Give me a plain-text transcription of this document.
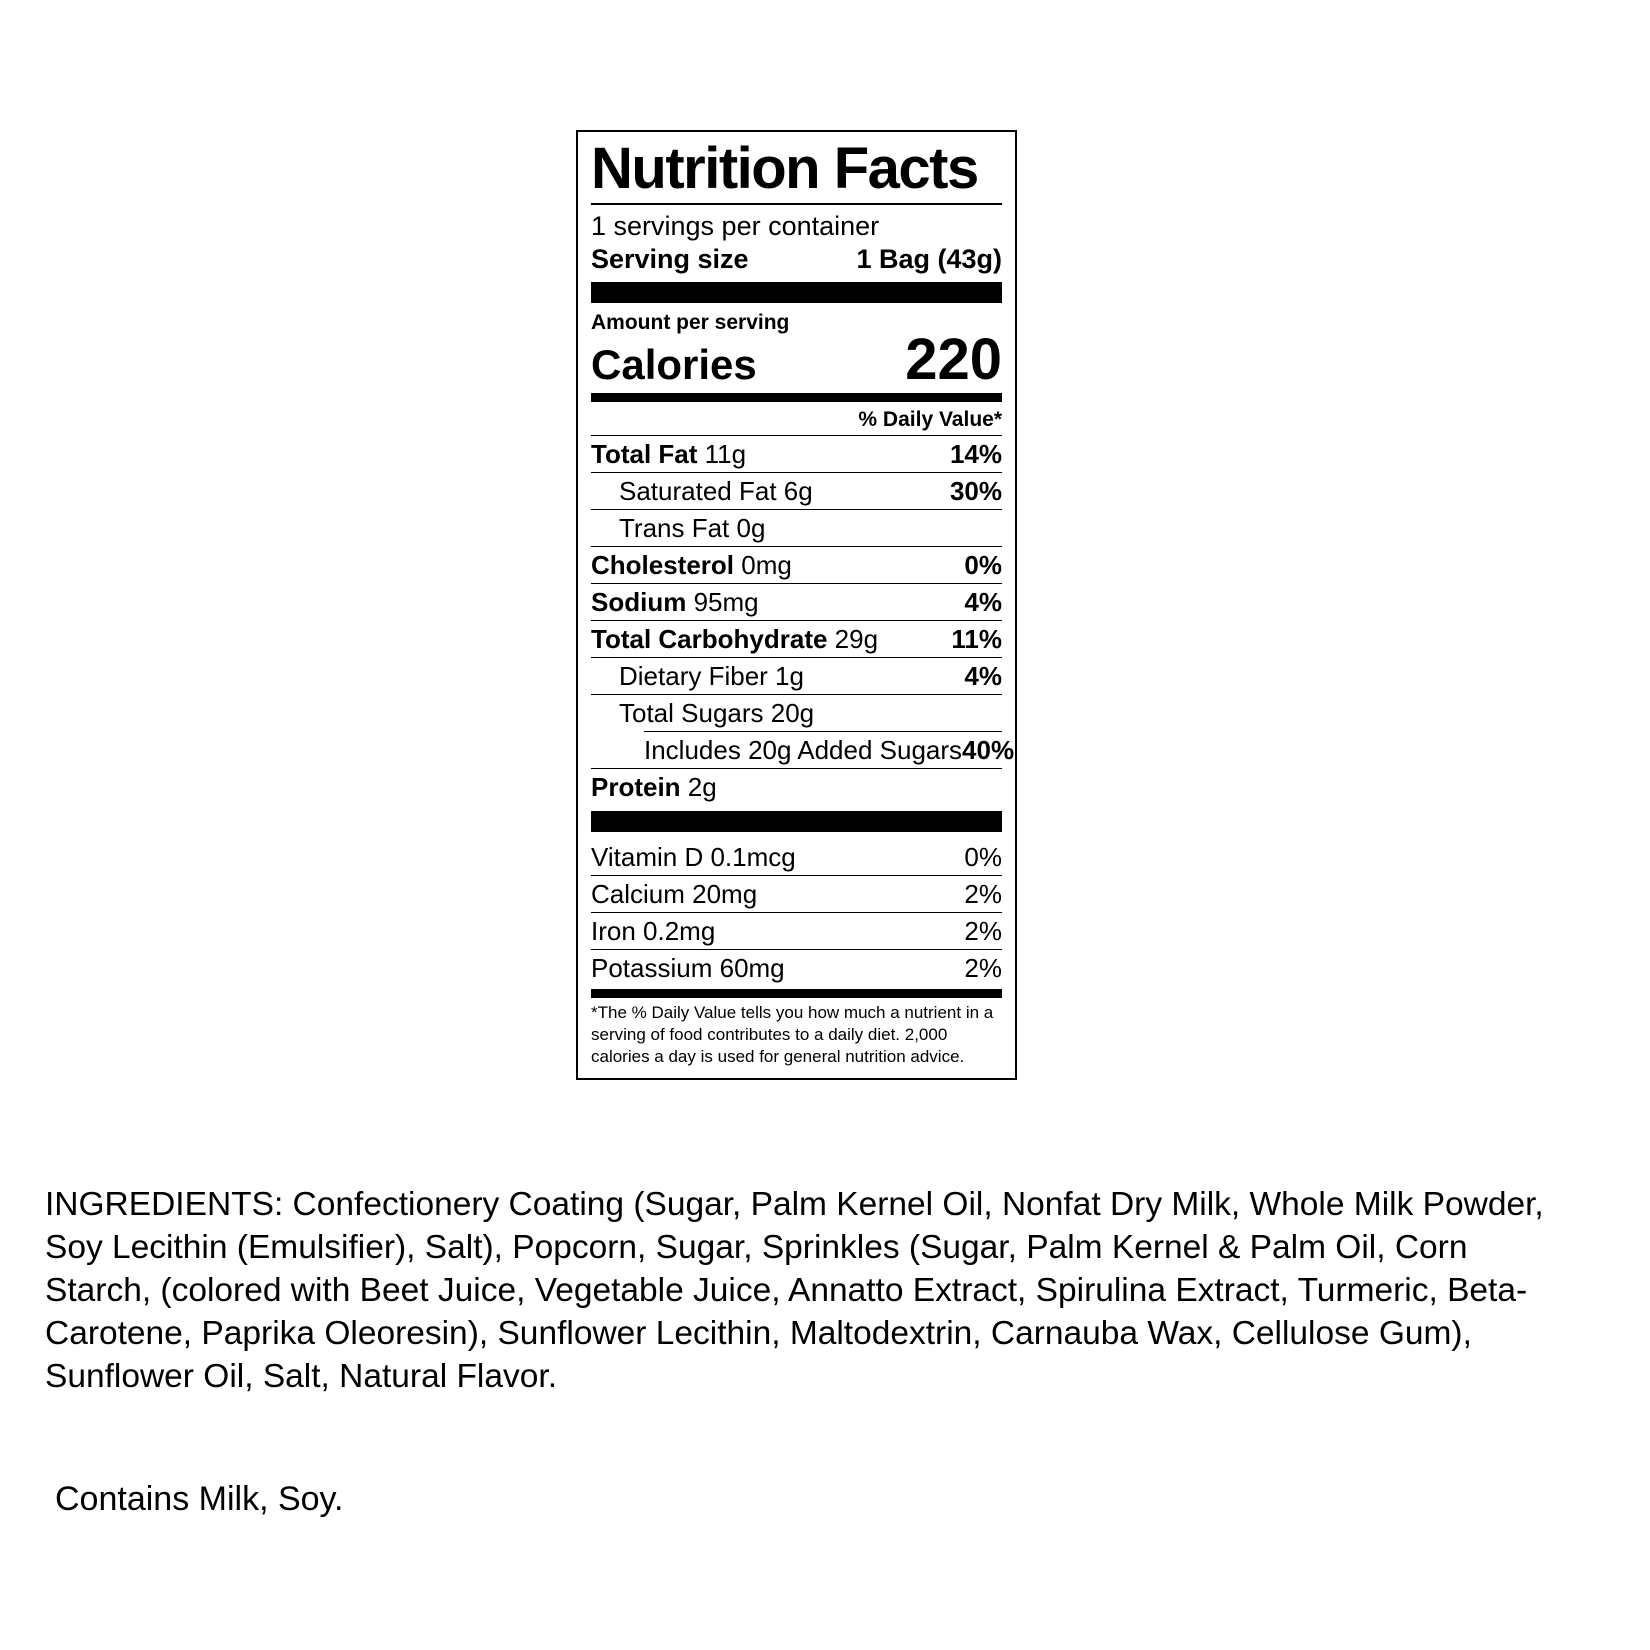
Nutrition Facts
1 servings per container
Serving size	1 Bag (43g)
Amount per serving
Calories	220
% Daily Value*
Total Fat 11g	14%
Saturated Fat 6g	30%
Trans Fat 0g
Cholesterol 0mg	0%
Sodium 95mg	4%
Total Carbohydrate 29g	11%
Dietary Fiber 1g	4%
Total Sugars 20g
Includes 20g Added Sugars 40%
Protein 2g
Vitamin D 0.1mcg	0%
Calcium 20mg	2%
Iron 0.2mg	2%
Potassium 60mg	2%
*The % Daily Value tells you how much a nutrient in a serving of food contributes to a daily diet. 2,000 calories a day is used for general nutrition advice.
INGREDIENTS: Confectionery Coating (Sugar, Palm Kernel Oil, Nonfat Dry Milk, Whole Milk Powder, Soy Lecithin (Emulsifier), Salt), Popcorn, Sugar, Sprinkles (Sugar, Palm Kernel & Palm Oil, Corn Starch, (colored with Beet Juice, Vegetable Juice, Annatto Extract, Spirulina Extract, Turmeric, Beta-Carotene, Paprika Oleoresin), Sunflower Lecithin, Maltodextrin, Carnauba Wax, Cellulose Gum), Sunflower Oil, Salt, Natural Flavor.
Contains Milk, Soy.
